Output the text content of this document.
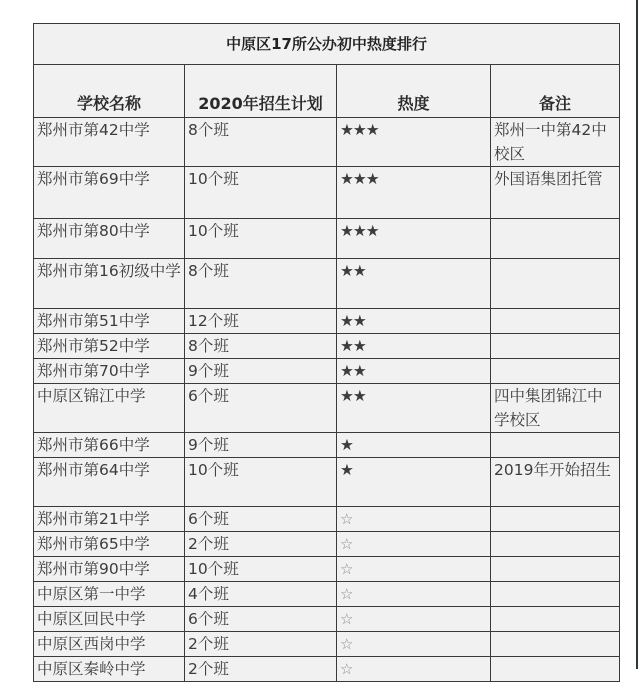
中原区17所公办初中热度排行			
学校名称	2020年招生计划	热度	备注
郑州市第42中学	8个班	★★★	郑州一中第42中校区
郑州市第69中学	10个班	★★★	外国语集团托管
郑州市第80中学	10个班	★★★	
郑州市第16初级中学	8个班	★★	
郑州市第51中学	12个班	★★	
郑州市第52中学	8个班	★★	
郑州市第70中学	9个班	★★	
中原区锦江中学	6个班	★★	四中集团锦江中学校区
郑州市第66中学	9个班	★	
郑州市第64中学	10个班	★	2019年开始招生
郑州市第21中学	6个班	☆	
郑州市第65中学	2个班	☆	
郑州市第90中学	10个班	☆	
中原区第一中学	4个班	☆	
中原区回民中学	6个班	☆	
中原区西岗中学	2个班	☆	
中原区秦岭中学	2个班	☆	
